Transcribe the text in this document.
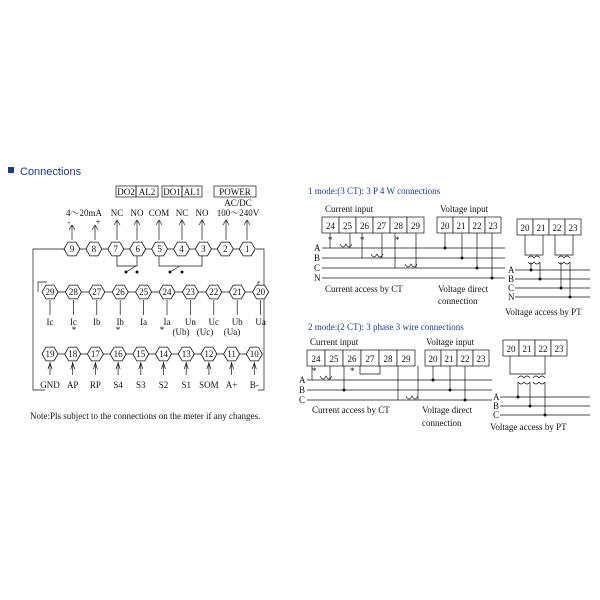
Connections
DO2 AL2 DO1 AL1 POWER
AC/DC
100～240V
4～20mA
-	+
NC NO COM NC NO
9 8 7 6 5 4 3 2 1
29 28 27 26 25 24 23 22 21 20
19 18 17 16 15 14 13 12 11 10
Ic Ic Ib Ib Ia Ia Un Uc Ub Ua
(Ub) (Uc) (Ua)
*	*	*
GND AP RP S4 S3 S2 S1 SOM A+ B-
Note:Pls subject to the connections on the meter if any changes.
1 mode:(3 CT): 3 P 4 W connections
Current input	Voltage input
24 25 26 27 28 29 20 21 22 23	20 21 22 23
*	*	*
A
B
C
N
A
B
C
N
Current access by CT	Voltage direct
connection
Voltage access by PT
2 mode:(2 CT): 3 phase 3 wire connections
Current input	Voltage input
24 25 26 27 28 29 20 21 22 23
20 21 22 23
*	*
A
B
C	A
B
C
Current access by CT	Voltage direct
connection	Voltage access by PT
